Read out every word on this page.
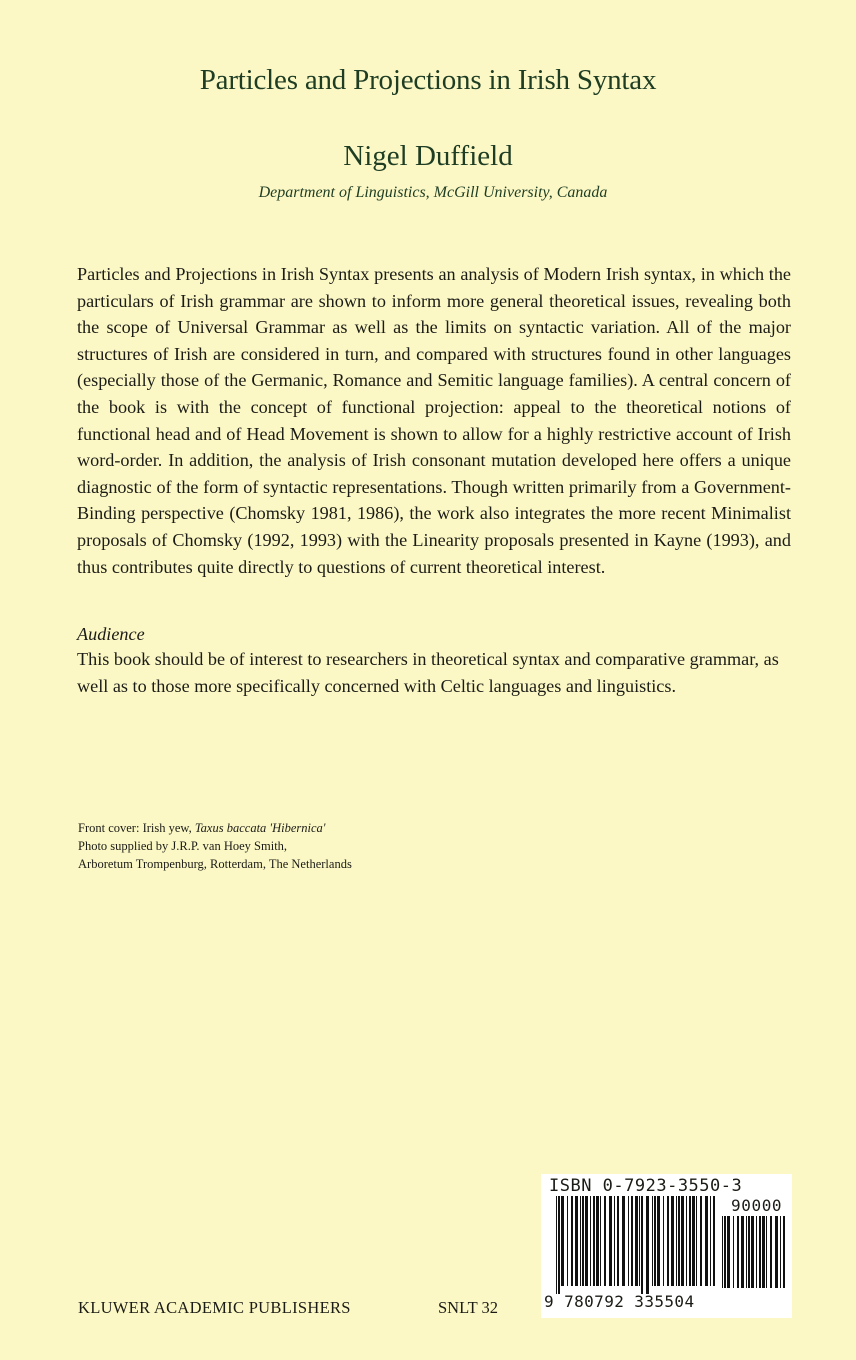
Particles and Projections in Irish Syntax
Nigel Duffield
Department of Linguistics, McGill University, Canada

Particles and Projections in Irish Syntax presents an analysis of Modern Irish syntax, in which the particulars of Irish grammar are shown to inform more general theoretical issues, revealing both the scope of Universal Grammar as well as the limits on syntactic variation. All of the major structures of Irish are considered in turn, and compared with structures found in other languages (especially those of the Germanic, Romance and Semitic language families). A central concern of the book is with the concept of functional projection: appeal to the theoretical notions of functional head and of Head Movement is shown to allow for a highly restrictive account of Irish word-order. In addition, the analysis of Irish consonant mutation developed here offers a unique diagnostic of the form of syntactic representations. Though written primarily from a Government-Binding perspective (Chomsky 1981, 1986), the work also integrates the more recent Minimalist proposals of Chomsky (1992, 1993) with the Linearity proposals presented in Kayne (1993), and thus contributes quite directly to questions of current theoretical interest.

Audience

This book should be of interest to researchers in theoretical syntax and comparative grammar, as well as to those more specifically concerned with Celtic languages and linguistics.

Front cover: Irish yew, Taxus baccata 'Hibernica'
Photo supplied by J.R.P. van Hoey Smith,
Arboretum Trompenburg, Rotterdam, The Netherlands
ISBN 0-7923-3550-3
90000
9 780792 335504
KLUWER ACADEMIC PUBLISHERS	SNLT 32
